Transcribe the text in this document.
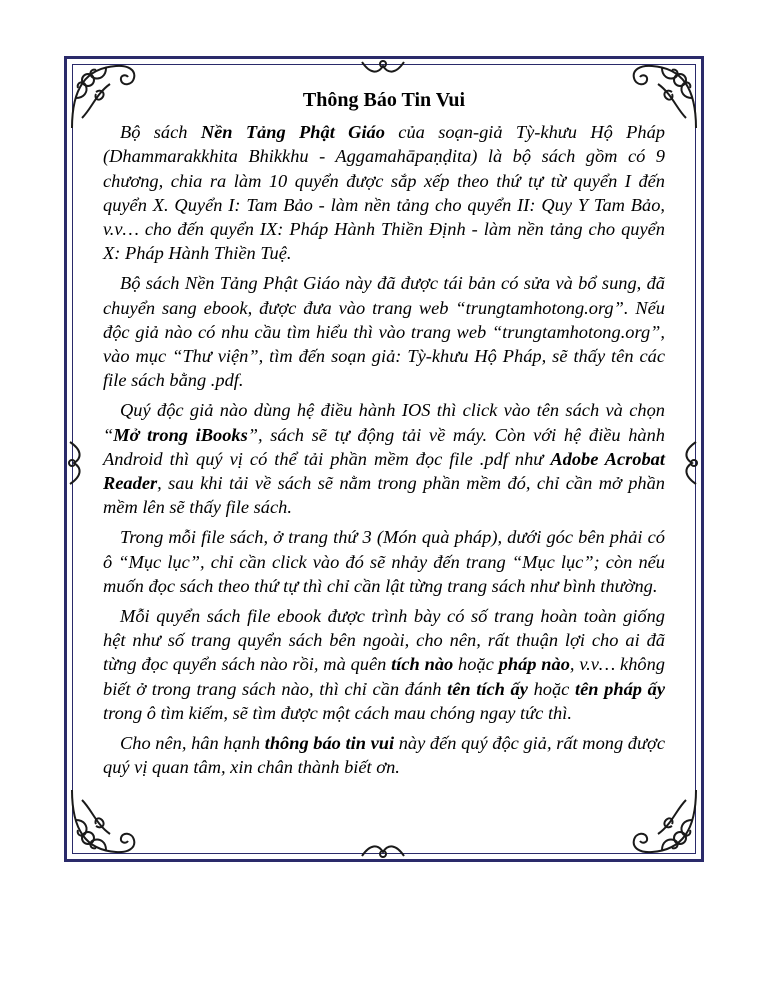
Thông Báo Tin Vui

Bộ sách Nền Tảng Phật Giáo của soạn-giả Tỳ-khưu Hộ Pháp (Dhammarakkhita Bhikkhu - Aggamahāpaṇḍita) là bộ sách gồm có 9 chương, chia ra làm 10 quyển được sắp xếp theo thứ tự từ quyển I đến quyển X. Quyển I: Tam Bảo - làm nền tảng cho quyển II: Quy Y Tam Bảo, v.v… cho đến quyển IX: Pháp Hành Thiền Định - làm nền tảng cho quyển X: Pháp Hành Thiền Tuệ.

Bộ sách Nền Tảng Phật Giáo này đã được tái bản có sửa và bổ sung, đã chuyển sang ebook, được đưa vào trang web “trungtamhotong.org”. Nếu độc giả nào có nhu cầu tìm hiểu thì vào trang web “trungtamhotong.org”, vào mục “Thư viện”, tìm đến soạn giả: Tỳ-khưu Hộ Pháp, sẽ thấy tên các file sách bằng .pdf.

Quý độc giả nào dùng hệ điều hành IOS thì click vào tên sách và chọn “Mở trong iBooks”, sách sẽ tự động tải về máy. Còn với hệ điều hành Android thì quý vị có thể tải phần mềm đọc file .pdf như Adobe Acrobat Reader, sau khi tải về sách sẽ nằm trong phần mềm đó, chỉ cần mở phần mềm lên sẽ thấy file sách.

Trong mỗi file sách, ở trang thứ 3 (Món quà pháp), dưới góc bên phải có ô “Mục lục”, chỉ cần click vào đó sẽ nhảy đến trang “Mục lục”; còn nếu muốn đọc sách theo thứ tự thì chỉ cần lật từng trang sách như bình thường.

Mỗi quyển sách file ebook được trình bày có số trang hoàn toàn giống hệt như số trang quyển sách bên ngoài, cho nên, rất thuận lợi cho ai đã từng đọc quyển sách nào rồi, mà quên tích nào hoặc pháp nào, v.v… không biết ở trong trang sách nào, thì chỉ cần đánh tên tích ấy hoặc tên pháp ấy trong ô tìm kiếm, sẽ tìm được một cách mau chóng ngay tức thì.

Cho nên, hân hạnh thông báo tin vui này đến quý độc giả, rất mong được quý vị quan tâm, xin chân thành biết ơn.
